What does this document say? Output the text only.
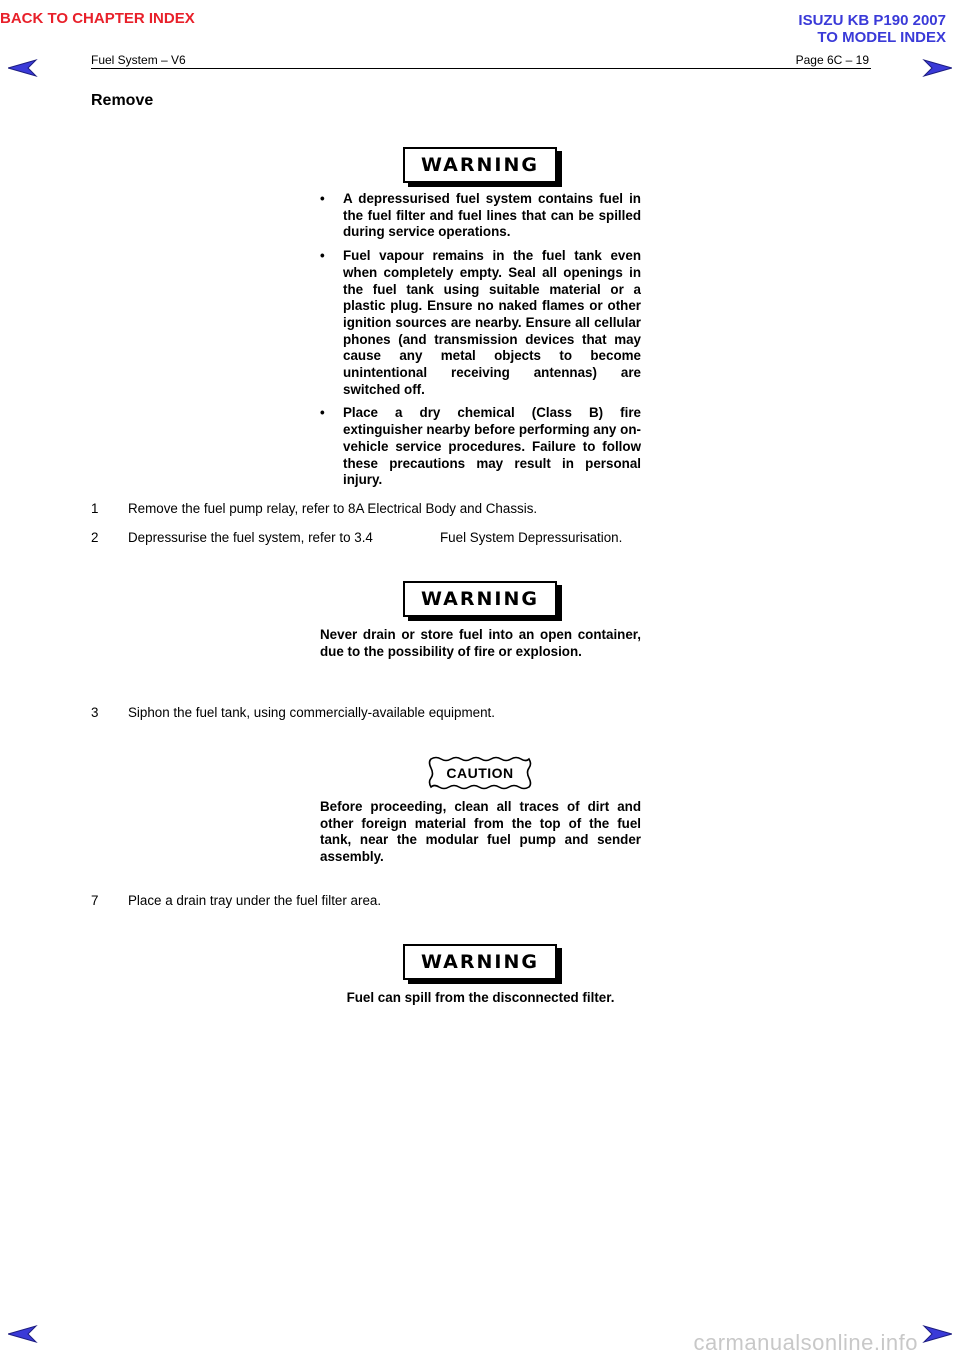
BACK TO CHAPTER INDEX	ISUZU KB P190 2007
TO MODEL INDEX
Fuel System – V6	Page 6C – 19
Remove
WARNING
• A depressurised fuel system contains fuel in the fuel filter and fuel lines that can be spilled during service operations.
• Fuel vapour remains in the fuel tank even when completely empty. Seal all openings in the fuel tank using suitable material or a plastic plug. Ensure no naked flames or other ignition sources are nearby. Ensure all cellular phones (and transmission devices that may cause any metal objects to become unintentional receiving antennas) are switched off.
• Place a dry chemical (Class B) fire extinguisher nearby before performing any on-vehicle service procedures. Failure to follow these precautions may result in personal injury.
1 Remove the fuel pump relay, refer to 8A Electrical Body and Chassis.
2 Depressurise the fuel system, refer to 3.4	Fuel System Depressurisation.
WARNING
Never drain or store fuel into an open container, due to the possibility of fire or explosion.
3 Siphon the fuel tank, using commercially-available equipment.
CAUTION
Before proceeding, clean all traces of dirt and other foreign material from the top of the fuel tank, near the modular fuel pump and sender assembly.
7 Place a drain tray under the fuel filter area.
WARNING
Fuel can spill from the disconnected filter.
carmanualsonline.info
